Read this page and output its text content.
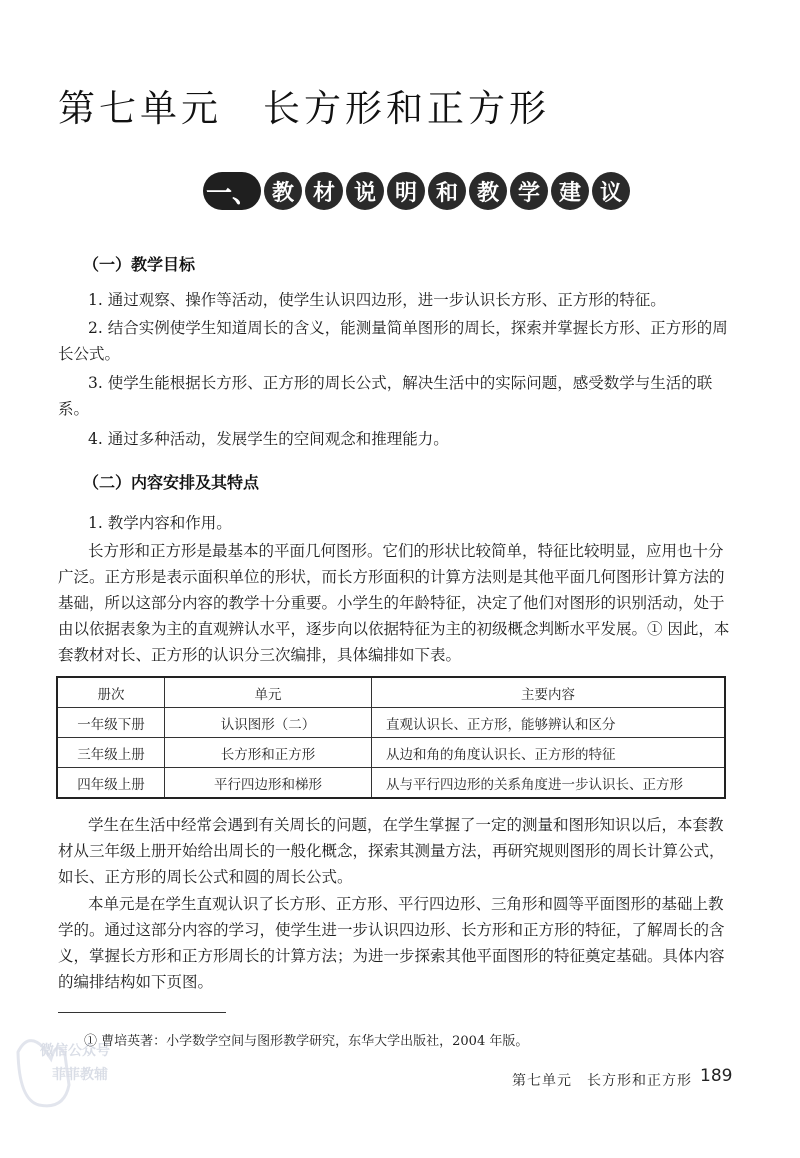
第七单元　长方形和正方形
一、 教 材 说 明 和 教 学 建 议
（一）教学目标
1. 通过观察、操作等活动，使学生认识四边形，进一步认识长方形、正方形的特征。
2. 结合实例使学生知道周长的含义，能测量简单图形的周长，探索并掌握长方形、正方形的周长公式。
3. 使学生能根据长方形、正方形的周长公式，解决生活中的实际问题，感受数学与生活的联系。
4. 通过多种活动，发展学生的空间观念和推理能力。
（二）内容安排及其特点
1. 教学内容和作用。
长方形和正方形是最基本的平面几何图形。它们的形状比较简单，特征比较明显，应用也十分广泛。正方形是表示面积单位的形状，而长方形面积的计算方法则是其他平面几何图形计算方法的基础，所以这部分内容的教学十分重要。小学生的年龄特征，决定了他们对图形的识别活动，处于由以依据表象为主的直观辨认水平，逐步向以依据特征为主的初级概念判断水平发展。① 因此，本套教材对长、正方形的认识分三次编排，具体编排如下表。
册次	单元	主要内容
一年级下册	认识图形（二）	直观认识长、正方形，能够辨认和区分
三年级上册	长方形和正方形	从边和角的角度认识长、正方形的特征
四年级上册	平行四边形和梯形	从与平行四边形的关系角度进一步认识长、正方形
学生在生活中经常会遇到有关周长的问题，在学生掌握了一定的测量和图形知识以后，本套教材从三年级上册开始给出周长的一般化概念，探索其测量方法，再研究规则图形的周长计算公式，如长、正方形的周长公式和圆的周长公式。
本单元是在学生直观认识了长方形、正方形、平行四边形、三角形和圆等平面图形的基础上教学的。通过这部分内容的学习，使学生进一步认识四边形、长方形和正方形的特征，了解周长的含义，掌握长方形和正方形周长的计算方法；为进一步探索其他平面图形的特征奠定基础。具体内容的编排结构如下页图。
① 曹培英著：小学数学空间与图形教学研究，东华大学出版社，2004 年版。
微信公众号
菲菲教辅	第七单元　长方形和正方形 189
